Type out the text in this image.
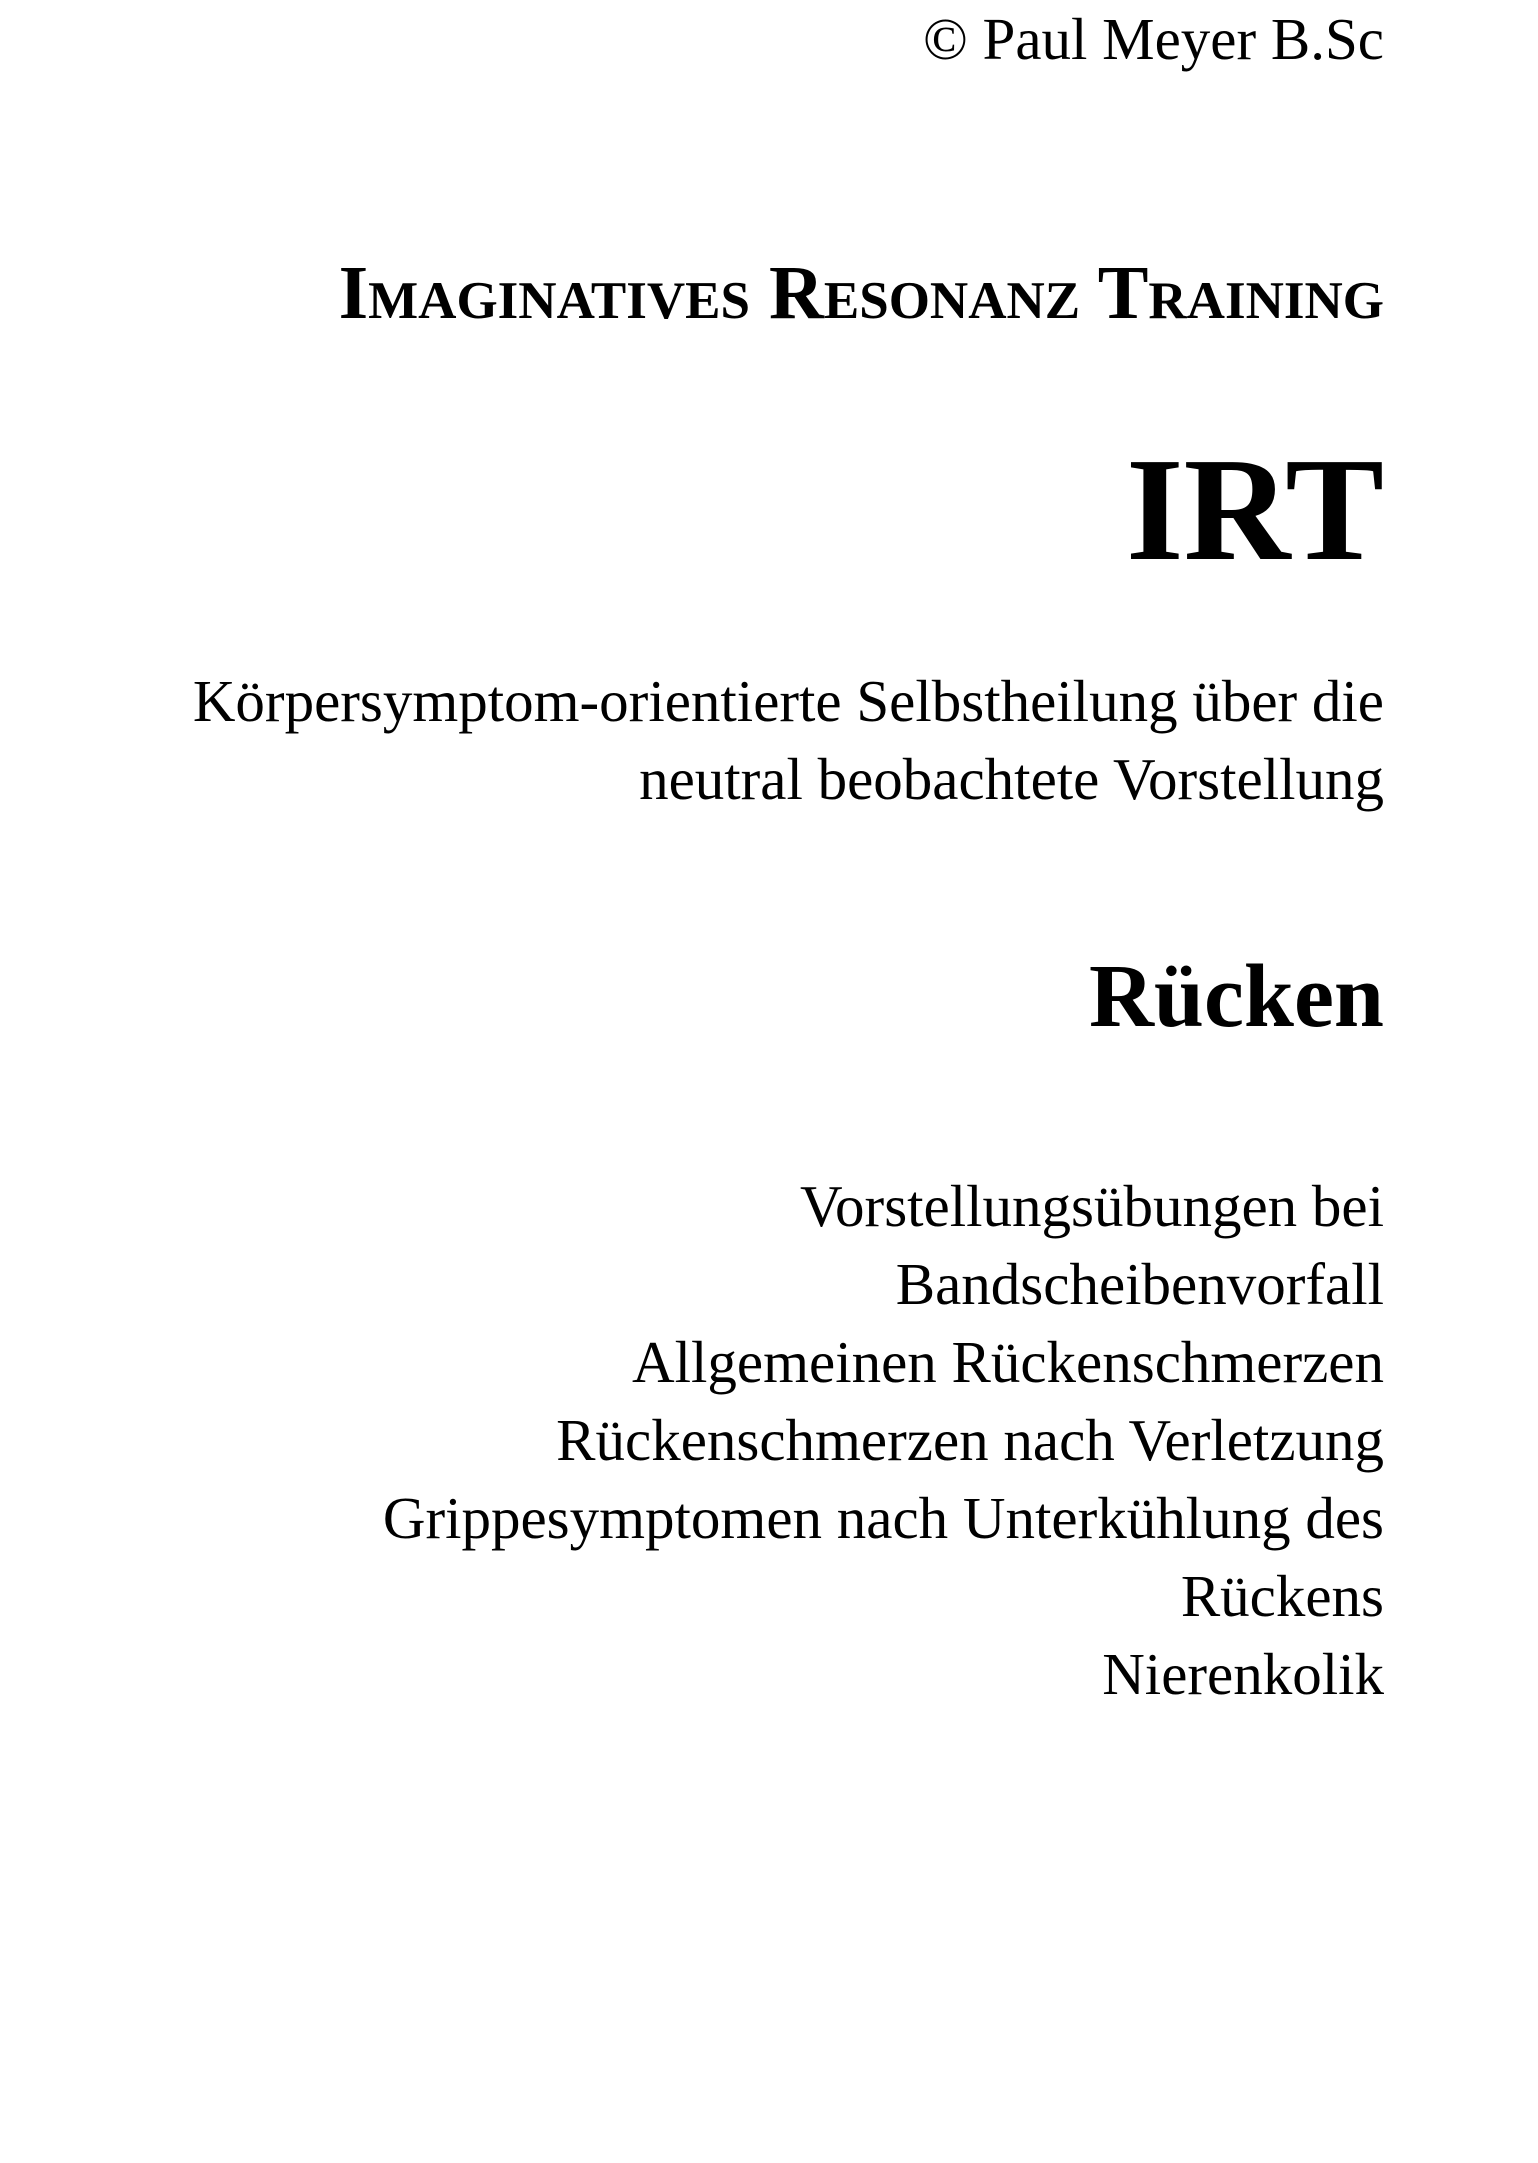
© Paul Meyer B.Sc
Imaginatives Resonanz Training
IRT
Körpersymptom-orientierte Selbstheilung über die
neutral beobachtete Vorstellung
Rücken
Vorstellungsübungen bei
Bandscheibenvorfall
Allgemeinen Rückenschmerzen
Rückenschmerzen nach Verletzung
Grippesymptomen nach Unterkühlung des
Rückens
Nierenkolik
